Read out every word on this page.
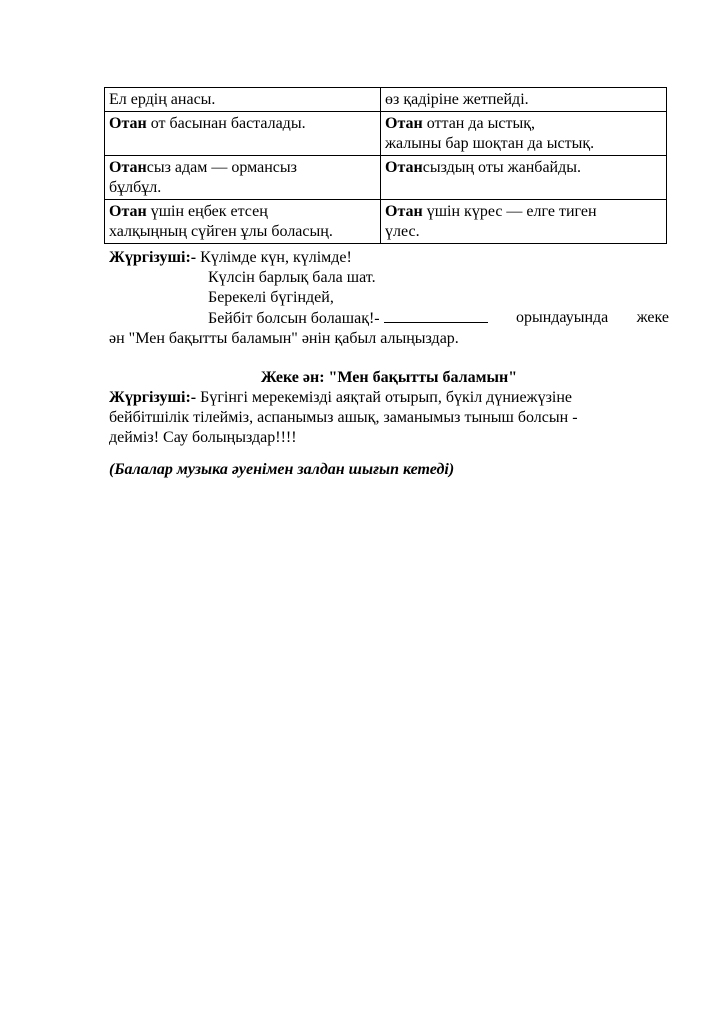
Ел ердің анасы.	өз қадіріне жетпейді.

Отан от басынан басталады.	Отан оттан да ыстық,
жалыны бар шоқтан да ыстық.

Отансыз адам — ормансыз
бұлбұл.	Отансыздың оты жанбайды.

Отан үшін еңбек етсең
халқыңның сүйген ұлы боласың.	Отан үшін күрес — елге тиген
үлес.
Жүргізуші:- Күлімде күн, күлімде!
Күлсін барлық бала шат.
Берекелі бүгіндей,
Бейбіт болсын болашақ!-	орындауында жеке
ән "Мен бақытты баламын" әнін қабыл алыңыздар.
Жеке ән: "Мен бақытты баламын"
Жүргізуші:- Бүгінгі мерекемізді аяқтай отырып, бүкіл дүниежүзіне
бейбітшілік тілейміз, аспанымыз ашық, заманымыз тыныш болсын -
дейміз! Сау болыңыздар!!!!
(Балалар музыка әуенімен залдан шығып кетеді)
